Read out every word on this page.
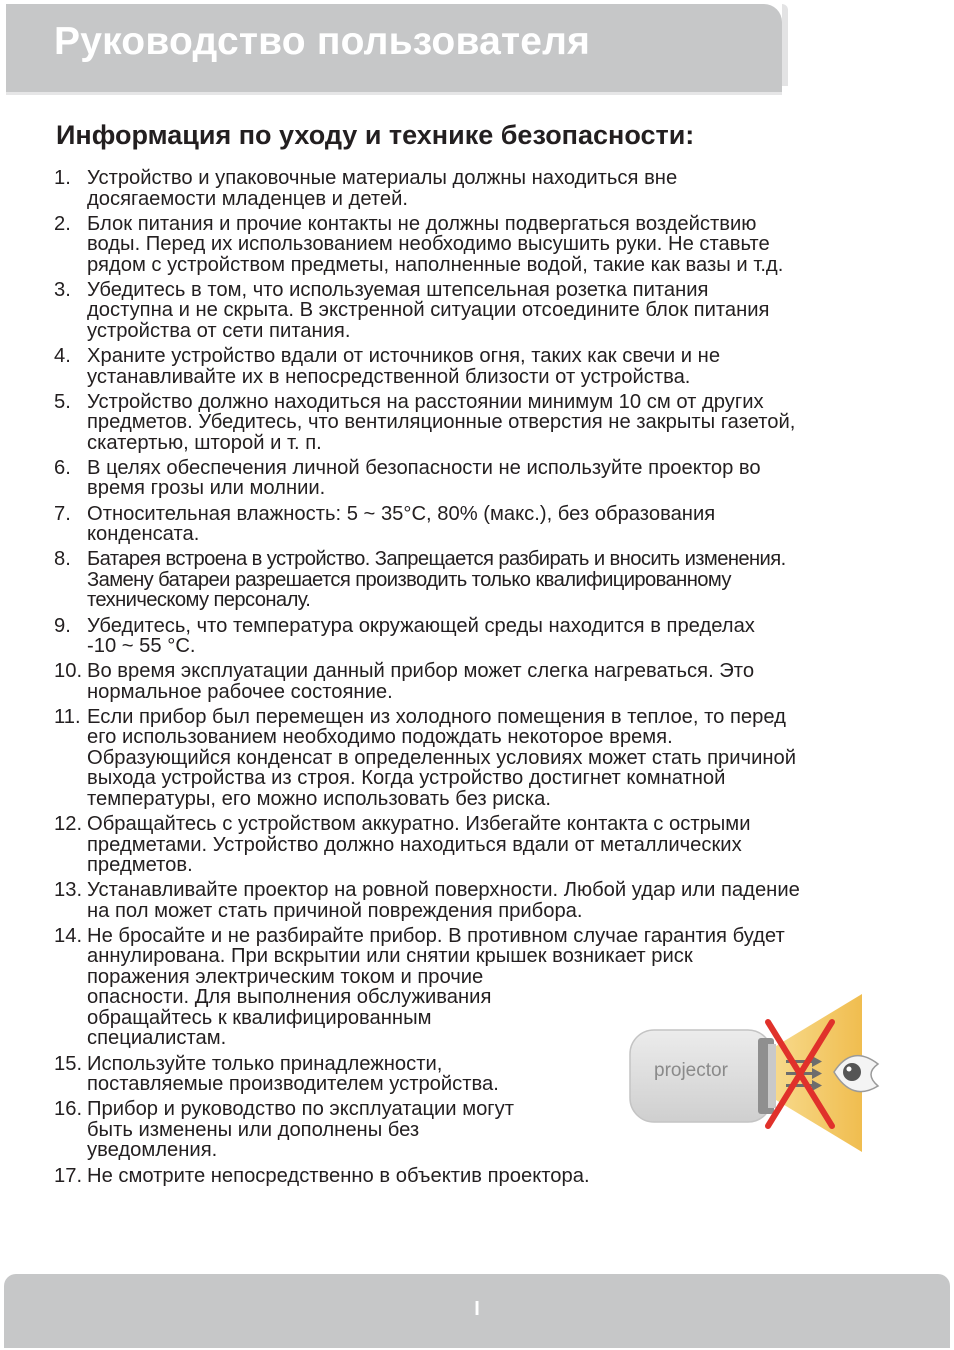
Руководство пользователя
Информация по уходу и технике безопасности:
1. Устройство и упаковочные материалы должны находиться вне
досягаемости младенцев и детей.
2. Блок питания и прочие контакты не должны подвергаться воздействию
воды. Перед их использованием необходимо высушить руки. Не ставьте
рядом с устройством предметы, наполненные водой, такие как вазы и т.д.
3. Убедитесь в том, что используемая штепсельная розетка питания
доступна и не скрыта. В экстренной ситуации отсоедините блок питания
устройства от сети питания.
4. Храните устройство вдали от источников огня, таких как свечи и не
устанавливайте их в непосредственной близости от устройства.
5. Устройство должно находиться на расстоянии минимум 10 см от других
предметов. Убедитесь, что вентиляционные отверстия не закрыты газетой,
скатертью, шторой и т. п.
6. В целях обеспечения личной безопасности не используйте проектор во
время грозы или молнии.
7. Относительная влажность: 5 ~ 35°C, 80% (макс.), без образования
конденсата.
8. Батарея встроена в устройство. Запрещается разбирать и вносить изменения.
Замену батареи разрешается производить только квалифицированному
техническому персоналу.
9. Убедитесь, что температура окружающей среды находится в пределах
-10 ~ 55 °C.
10. Во время эксплуатации данный прибор может слегка нагреваться. Это
нормальное рабочее состояние.
11. Если прибор был перемещен из холодного помещения в теплое, то перед
его использованием необходимо подождать некоторое время.
Образующийся конденсат в определенных условиях может стать причиной
выхода устройства из строя. Когда устройство достигнет комнатной
температуры, его можно использовать без риска.
12. Обращайтесь с устройством аккуратно. Избегайте контакта с острыми
предметами. Устройство должно находиться вдали от металлических
предметов.
13. Устанавливайте проектор на ровной поверхности. Любой удар или падение
на пол может стать причиной повреждения прибора.
14. Не бросайте и не разбирайте прибор. В противном случае гарантия будет
аннулирована. При вскрытии или снятии крышек возникает риск
поражения электрическим током и прочие
опасности. Для выполнения обслуживания
обращайтесь к квалифицированным
специалистам.
15. Используйте только принадлежности,
поставляемые производителем устройства.
16. Прибор и руководство по эксплуатации могут
быть изменены или дополнены без
уведомления.
17. Не смотрите непосредственно в объектив проектора.
projector
I
